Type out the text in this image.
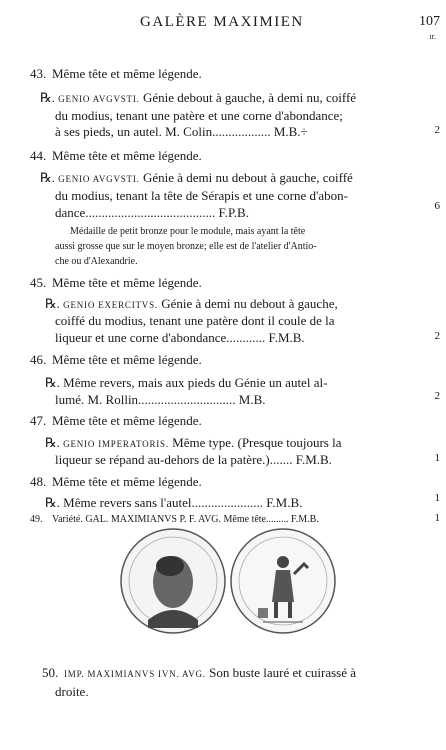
GALÈRE MAXIMIEN	107
ır.
43. Même tête et même légende.
℞. GENIO AVGVSTI. Génie debout à gauche, à demi nu, coiffé
du modius, tenant une patère et une corne d'abondance;
à ses pieds, un autel. M. Colin.................. M.B.÷
44. Même tête et même légende.
℞. GENIO AVGVSTI. Génie à demi nu debout à gauche, coiffé
du modius, tenant la tête de Sérapis et une corne d'abon-
dance........................................ F.P.B.
Médaille de petit bronze pour le module, mais ayant la tête
aussi grosse que sur le moyen bronze; elle est de l'atelier d'Antio-
che ou d'Alexandrie.
45. Même tête et même légende.
℞. GENIO EXERCITVS. Génie à demi nu debout à gauche,
coiffé du modius, tenant une patère dont il coule de la
liqueur et une corne d'abondance............ F.M.B.
46. Même tête et même légende.
℞. Même revers, mais aux pieds du Génie un autel al-
lumé. M. Rollin.............................. M.B.
47. Même tête et même légende.
℞. GENIO IMPERATORIS. Même type. (Presque toujours la
liqueur se répand au-dehors de la patère.)....... F.M.B.
48. Même tête et même légende.
℞. Même revers sans l'autel...................... F.M.B.
49. Variété. GAL. MAXIMIANVS P. F. AVG. Même tête......... F.M.B.
50. IMP. MAXIMIANVS IVN. AVG. Son buste lauré et cuirassé à
droite.
2
6
2
2
1
1
1
